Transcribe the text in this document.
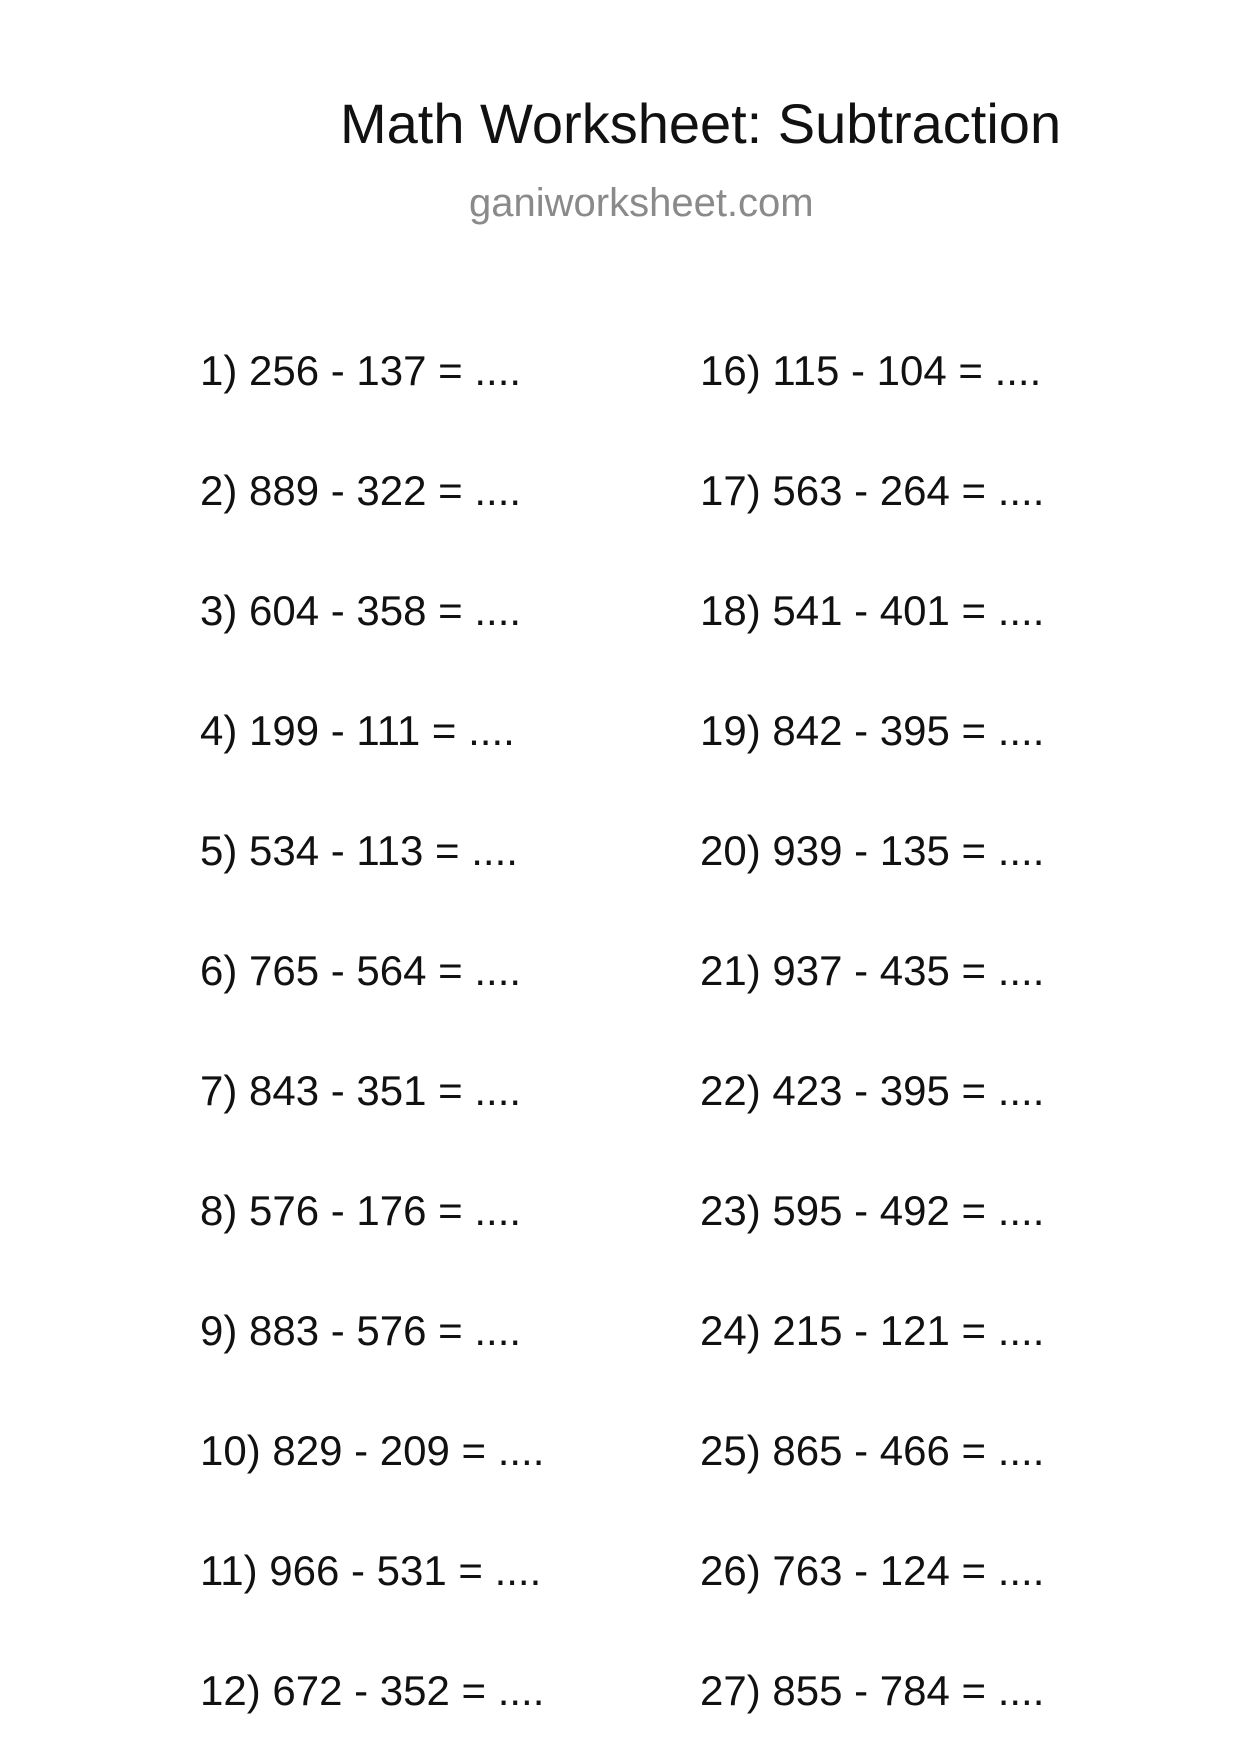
Math Worksheet: Subtraction
ganiworksheet.com
1) 256 - 137 = ....
2) 889 - 322 = ....
3) 604 - 358 = ....
4) 199 - 111 = ....
5) 534 - 113 = ....
6) 765 - 564 = ....
7) 843 - 351 = ....
8) 576 - 176 = ....
9) 883 - 576 = ....
10) 829 - 209 = ....
11) 966 - 531 = ....
12) 672 - 352 = ....
16) 115 - 104 = ....
17) 563 - 264 = ....
18) 541 - 401 = ....
19) 842 - 395 = ....
20) 939 - 135 = ....
21) 937 - 435 = ....
22) 423 - 395 = ....
23) 595 - 492 = ....
24) 215 - 121 = ....
25) 865 - 466 = ....
26) 763 - 124 = ....
27) 855 - 784 = ....
